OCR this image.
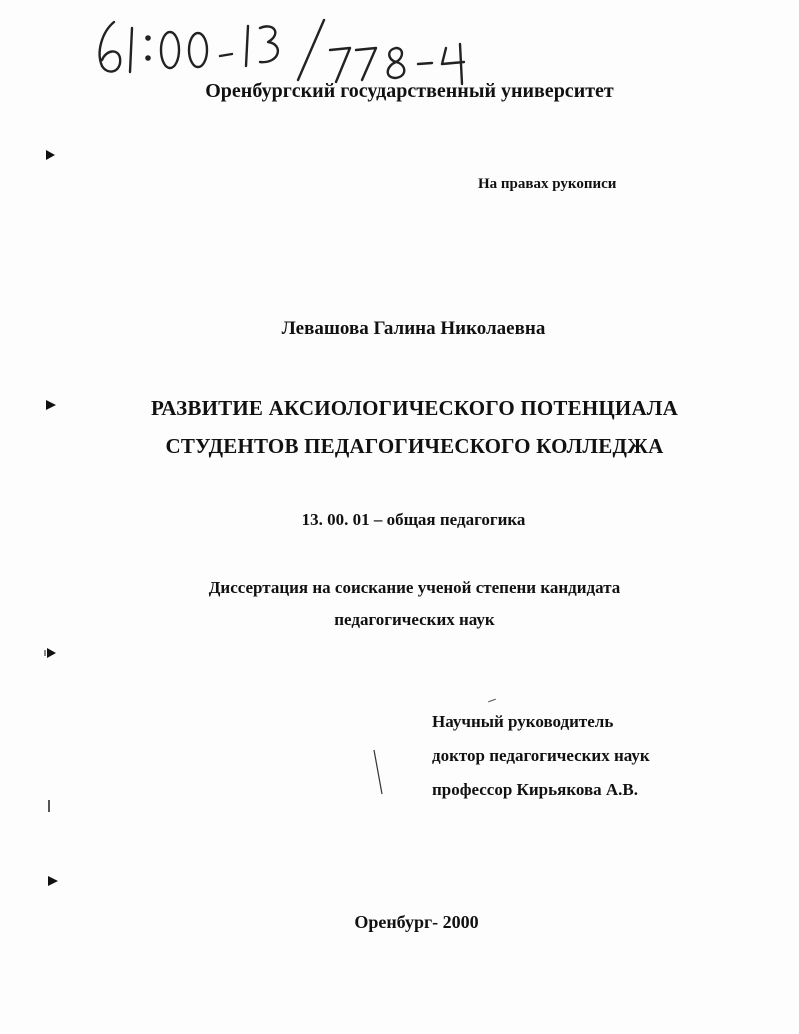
Оренбургский государственный университет
На правах рукописи
Левашова Галина Николаевна
РАЗВИТИЕ АКСИОЛОГИЧЕСКОГО ПОТЕНЦИАЛА
СТУДЕНТОВ ПЕДАГОГИЧЕСКОГО КОЛЛЕДЖА
13. 00. 01 – общая педагогика
Диссертация на соискание ученой степени кандидата
педагогических наук
Научный руководитель
доктор педагогических наук
профессор Кирьякова А.В.
Оренбург- 2000
